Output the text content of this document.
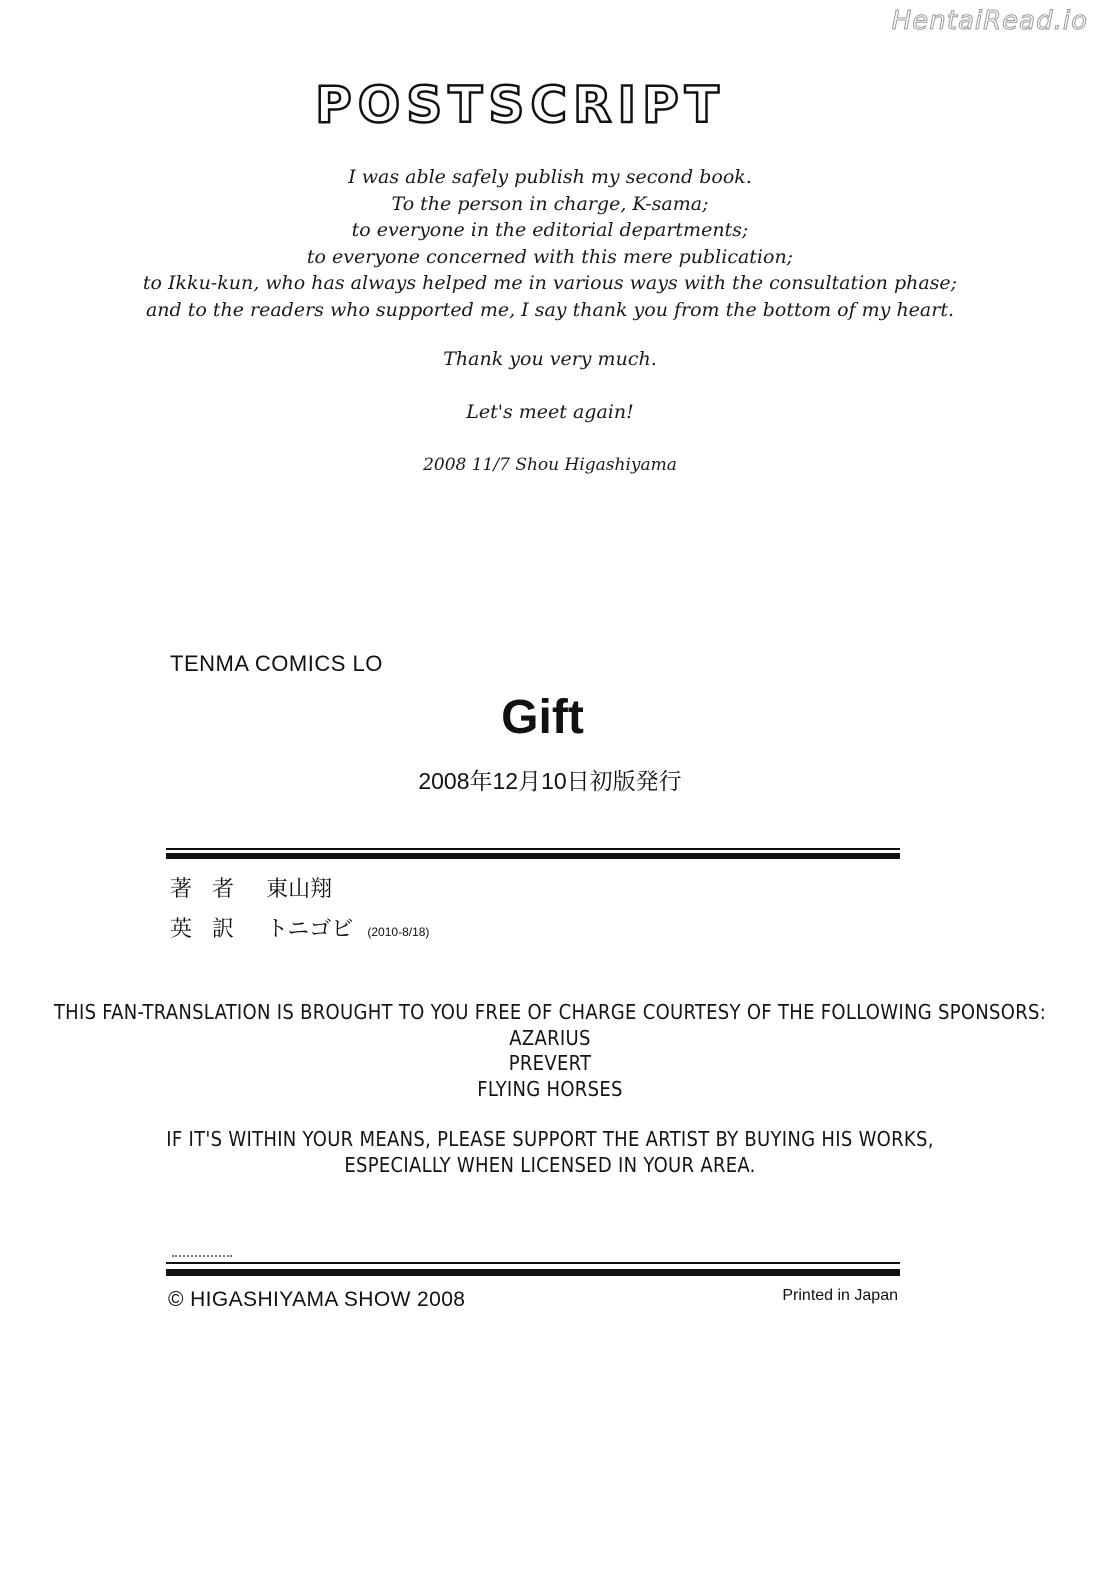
HentaiRead.io
POSTSCRIPT
I was able safely publish my second book.
To the person in charge, K-sama;
to everyone in the editorial departments;
to everyone concerned with this mere publication;
to Ikku-kun, who has always helped me in various ways with the consultation phase;
and to the readers who supported me, I say thank you from the bottom of my heart.
Thank you very much.
Let's meet again!
2008 11/7 Shou Higashiyama
TENMA COMICS LO
Gift
2008年12月10日初版発行
著者 東山翔
英訳 トニゴビ (2010-8/18)
THIS FAN-TRANSLATION IS BROUGHT TO YOU FREE OF CHARGE COURTESY OF THE FOLLOWING SPONSORS:
AZARIUS
PREVERT
FLYING HORSES
IF IT'S WITHIN YOUR MEANS, PLEASE SUPPORT THE ARTIST BY BUYING HIS WORKS,
ESPECIALLY WHEN LICENSED IN YOUR AREA.
© HIGASHIYAMA SHOW 2008	Printed in Japan
